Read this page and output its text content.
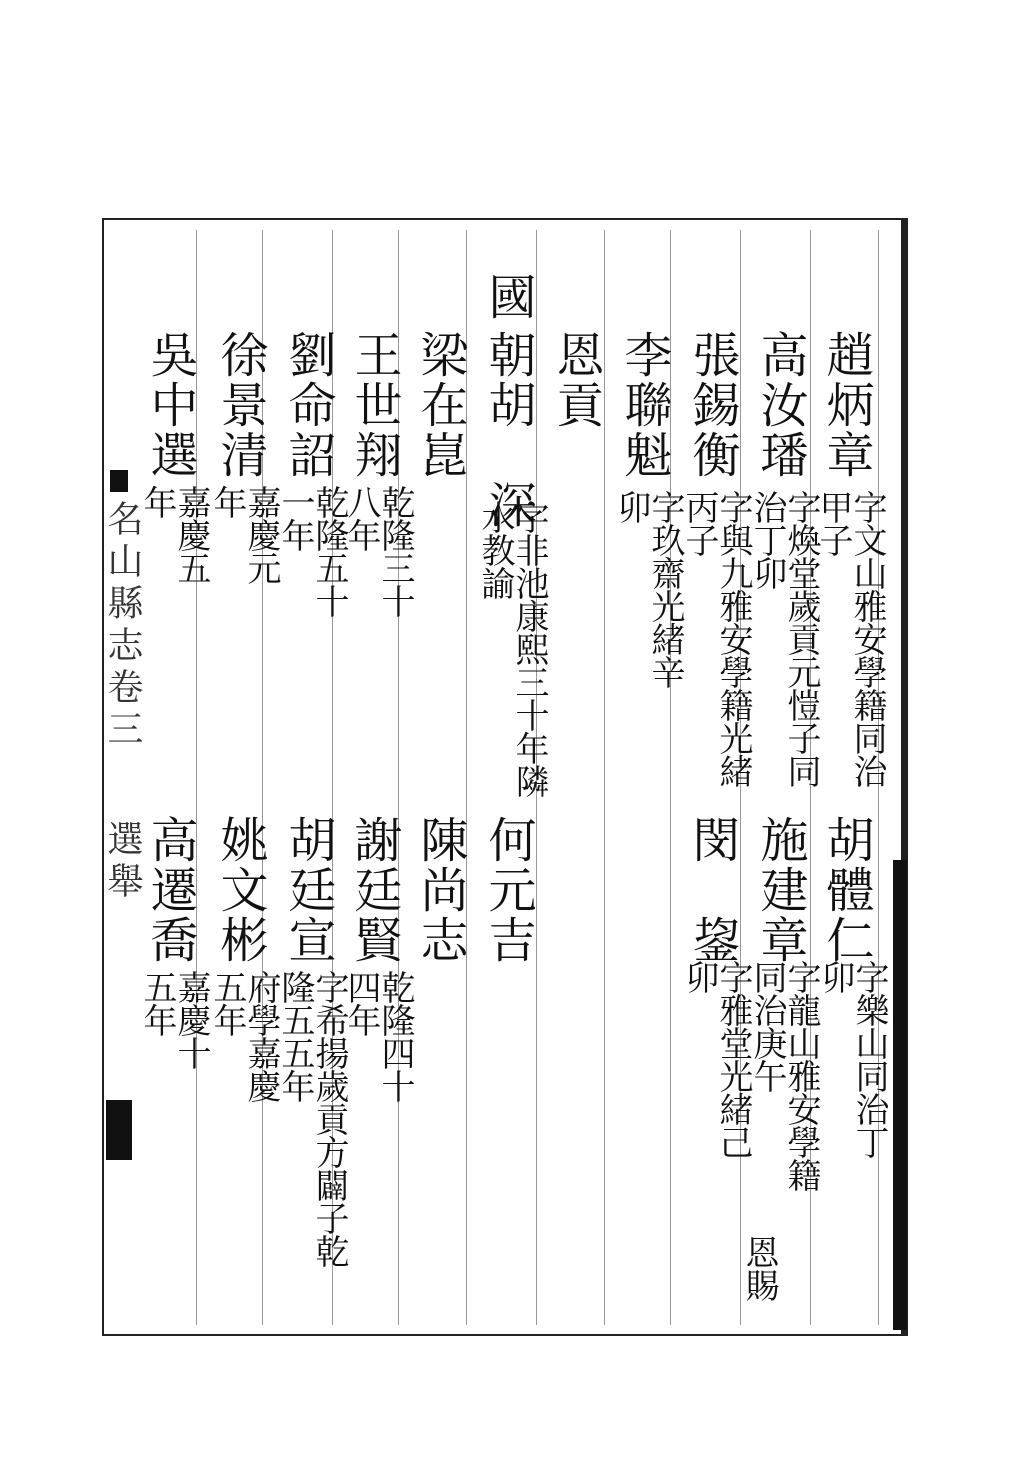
名山縣志卷三
選舉
趙炳章
字文山雅安學籍同治甲子
胡體仁
字樂山同治丁卯
高汝璠
字煥堂歲貢元愷子同治丁卯
施建章
字龍山雅安學籍同治庚午
恩賜
張錫衡
字與九雅安學籍光緒丙子
閔　鋆
字雅堂光緒己卯
李聯魁
字玖齋光緒辛卯
恩貢
國
朝胡　深
字非池康熙三十年隣水教諭
何元吉
梁在崑
陳尚志
王世翔
乾隆三十八年
謝廷賢
乾隆四十四年
劉命詔
乾隆五十一年
胡廷宣
字希揚歲貢方闢子乾隆五五年
徐景清
嘉慶元年
姚文彬
府學嘉慶五年
吳中選
嘉慶五年
高遷喬
嘉慶十五年
